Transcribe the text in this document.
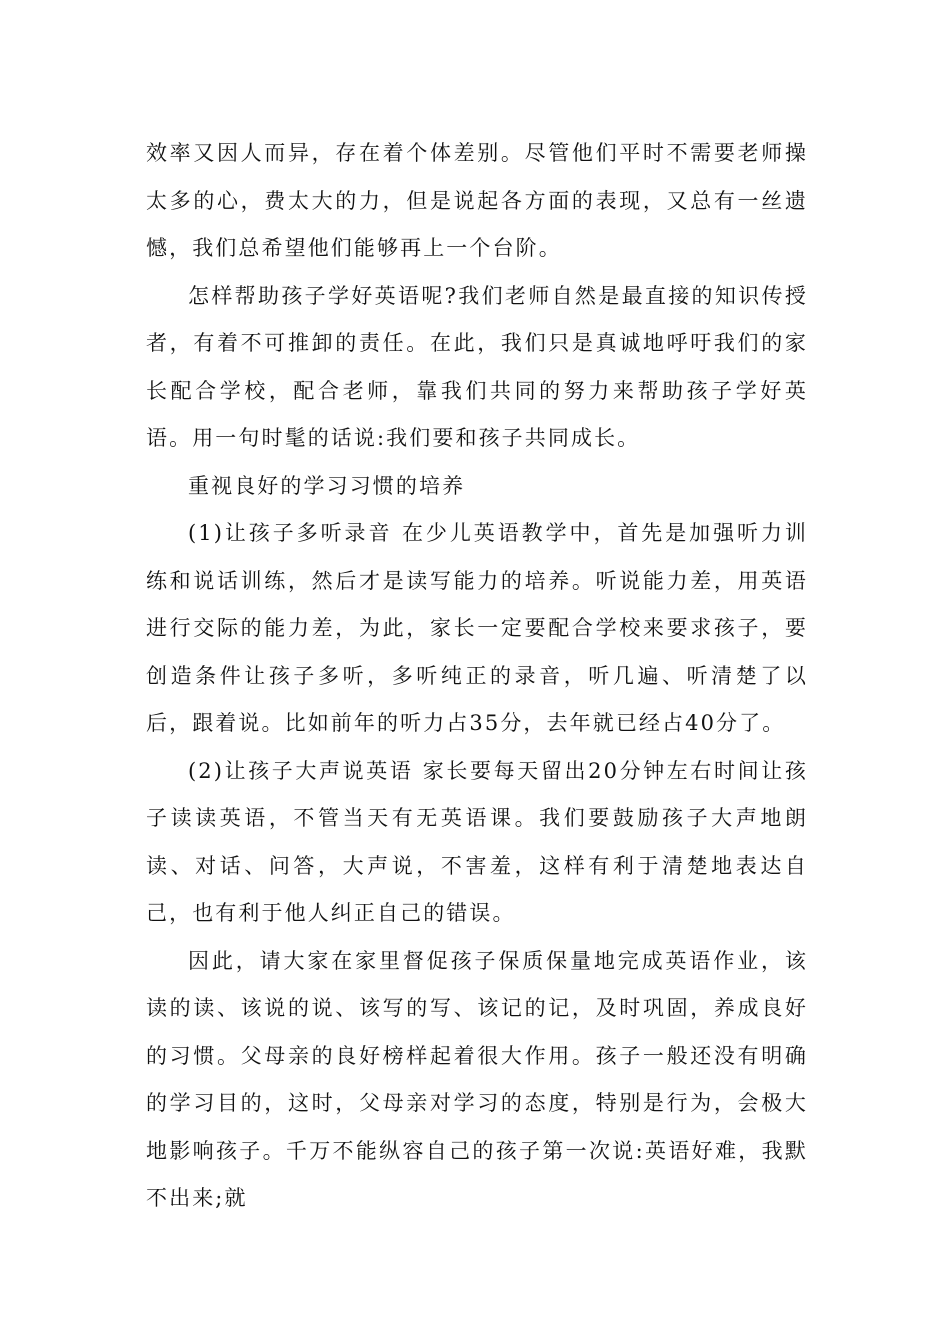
效率又因人而异，存在着个体差别。尽管他们平时不需要老师操太多的心，费太大的力，但是说起各方面的表现，又总有一丝遗憾，我们总希望他们能够再上一个台阶。

怎样帮助孩子学好英语呢?我们老师自然是最直接的知识传授者，有着不可推卸的责任。在此，我们只是真诚地呼吁我们的家长配合学校，配合老师，靠我们共同的努力来帮助孩子学好英语。用一句时髦的话说:我们要和孩子共同成长。

重视良好的学习习惯的培养

(1)让孩子多听录音 在少儿英语教学中，首先是加强听力训练和说话训练，然后才是读写能力的培养。听说能力差，用英语进行交际的能力差，为此，家长一定要配合学校来要求孩子，要创造条件让孩子多听，多听纯正的录音，听几遍、听清楚了以后，跟着说。比如前年的听力占35分，去年就已经占40分了。

(2)让孩子大声说英语 家长要每天留出20分钟左右时间让孩子读读英语，不管当天有无英语课。我们要鼓励孩子大声地朗读、对话、问答，大声说，不害羞，这样有利于清楚地表达自己，也有利于他人纠正自己的错误。

因此，请大家在家里督促孩子保质保量地完成英语作业，该读的读、该说的说、该写的写、该记的记，及时巩固，养成良好的习惯。父母亲的良好榜样起着很大作用。孩子一般还没有明确的学习目的，这时，父母亲对学习的态度，特别是行为，会极大地影响孩子。千万不能纵容自己的孩子第一次说:英语好难，我默不出来;就
